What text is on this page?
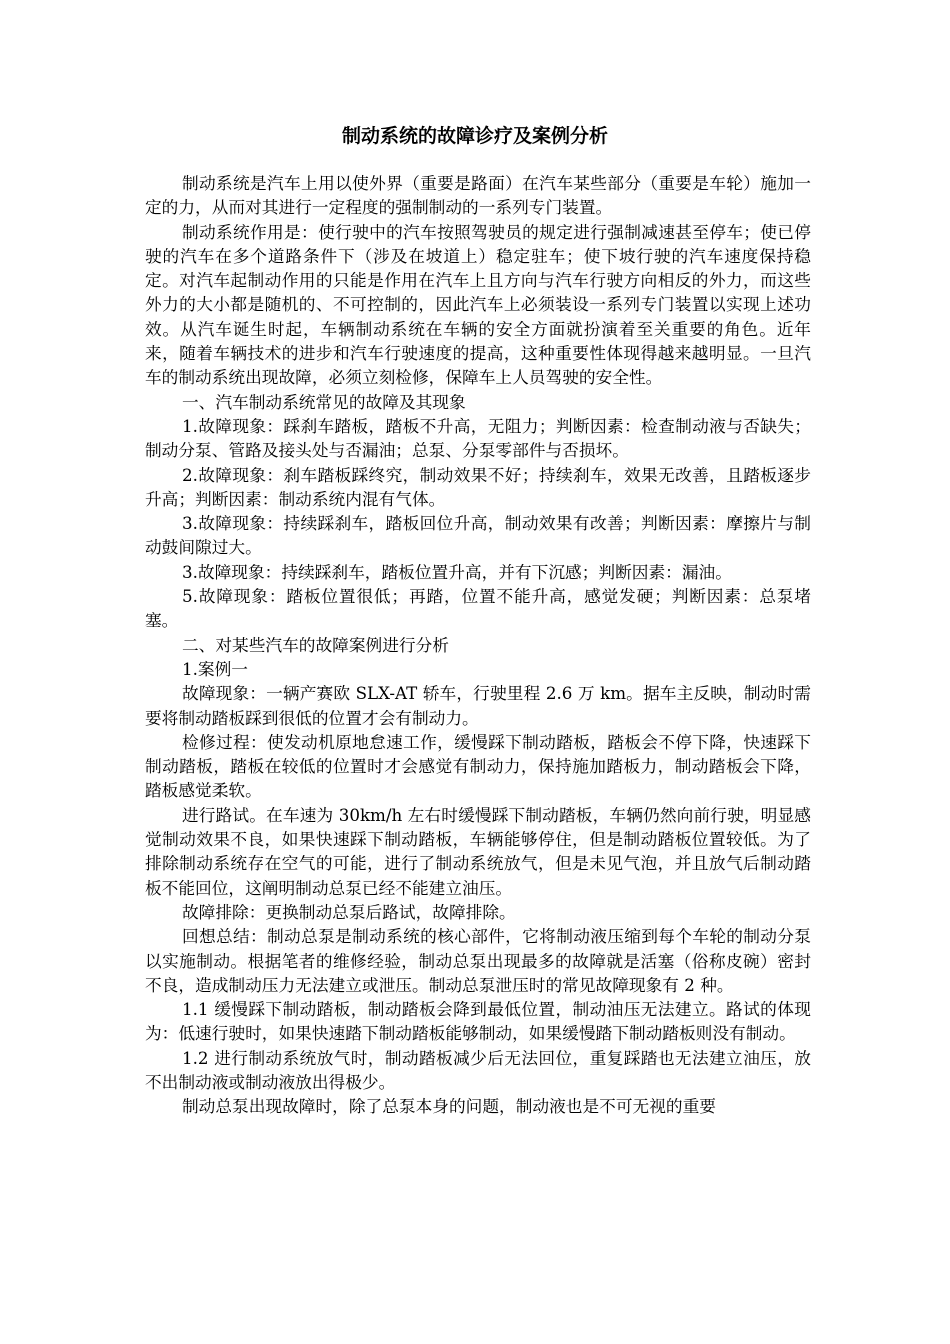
制动系统的故障诊疗及案例分析

制动系统是汽车上用以使外界（重要是路面）在汽车某些部分（重要是车轮）施加一定的力，从而对其进行一定程度的强制制动的一系列专门装置。

制动系统作用是：使行驶中的汽车按照驾驶员的规定进行强制减速甚至停车；使已停驶的汽车在多个道路条件下（涉及在坡道上）稳定驻车；使下坡行驶的汽车速度保持稳定。对汽车起制动作用的只能是作用在汽车上且方向与汽车行驶方向相反的外力，而这些外力的大小都是随机的、不可控制的，因此汽车上必须装设一系列专门装置以实现上述功效。从汽车诞生时起，车辆制动系统在车辆的安全方面就扮演着至关重要的角色。近年来，随着车辆技术的进步和汽车行驶速度的提高，这种重要性体现得越来越明显。一旦汽车的制动系统出现故障，必须立刻检修，保障车上人员驾驶的安全性。

一、汽车制动系统常见的故障及其现象

1.故障现象：踩刹车踏板，踏板不升高，无阻力；判断因素：检查制动液与否缺失；制动分泵、管路及接头处与否漏油；总泵、分泵零部件与否损坏。

2.故障现象：刹车踏板踩终究，制动效果不好；持续刹车，效果无改善，且踏板逐步升高；判断因素：制动系统内混有气体。

3.故障现象：持续踩刹车，踏板回位升高，制动效果有改善；判断因素：摩擦片与制动鼓间隙过大。

3.故障现象：持续踩刹车，踏板位置升高，并有下沉感；判断因素：漏油。

5.故障现象：踏板位置很低；再踏，位置不能升高，感觉发硬；判断因素：总泵堵塞。

二、对某些汽车的故障案例进行分析

1.案例一

故障现象：一辆产赛欧 SLX-AT 轿车，行驶里程 2.6 万 km。据车主反映，制动时需要将制动踏板踩到很低的位置才会有制动力。

检修过程：使发动机原地怠速工作，缓慢踩下制动踏板，踏板会不停下降，快速踩下制动踏板，踏板在较低的位置时才会感觉有制动力，保持施加踏板力，制动踏板会下降，踏板感觉柔软。

进行路试。在车速为 30km/h 左右时缓慢踩下制动踏板，车辆仍然向前行驶，明显感觉制动效果不良，如果快速踩下制动踏板，车辆能够停住，但是制动踏板位置较低。为了排除制动系统存在空气的可能，进行了制动系统放气，但是未见气泡，并且放气后制动踏板不能回位，这阐明制动总泵已经不能建立油压。

故障排除：更换制动总泵后路试，故障排除。

回想总结：制动总泵是制动系统的核心部件，它将制动液压缩到每个车轮的制动分泵以实施制动。根据笔者的维修经验，制动总泵出现最多的故障就是活塞（俗称皮碗）密封不良，造成制动压力无法建立或泄压。制动总泵泄压时的常见故障现象有 2 种。

1.1 缓慢踩下制动踏板，制动踏板会降到最低位置，制动油压无法建立。路试的体现为：低速行驶时，如果快速踏下制动踏板能够制动，如果缓慢踏下制动踏板则没有制动。

1.2 进行制动系统放气时，制动踏板减少后无法回位，重复踩踏也无法建立油压，放不出制动液或制动液放出得极少。

制动总泵出现故障时，除了总泵本身的问题，制动液也是不可无视的重要
